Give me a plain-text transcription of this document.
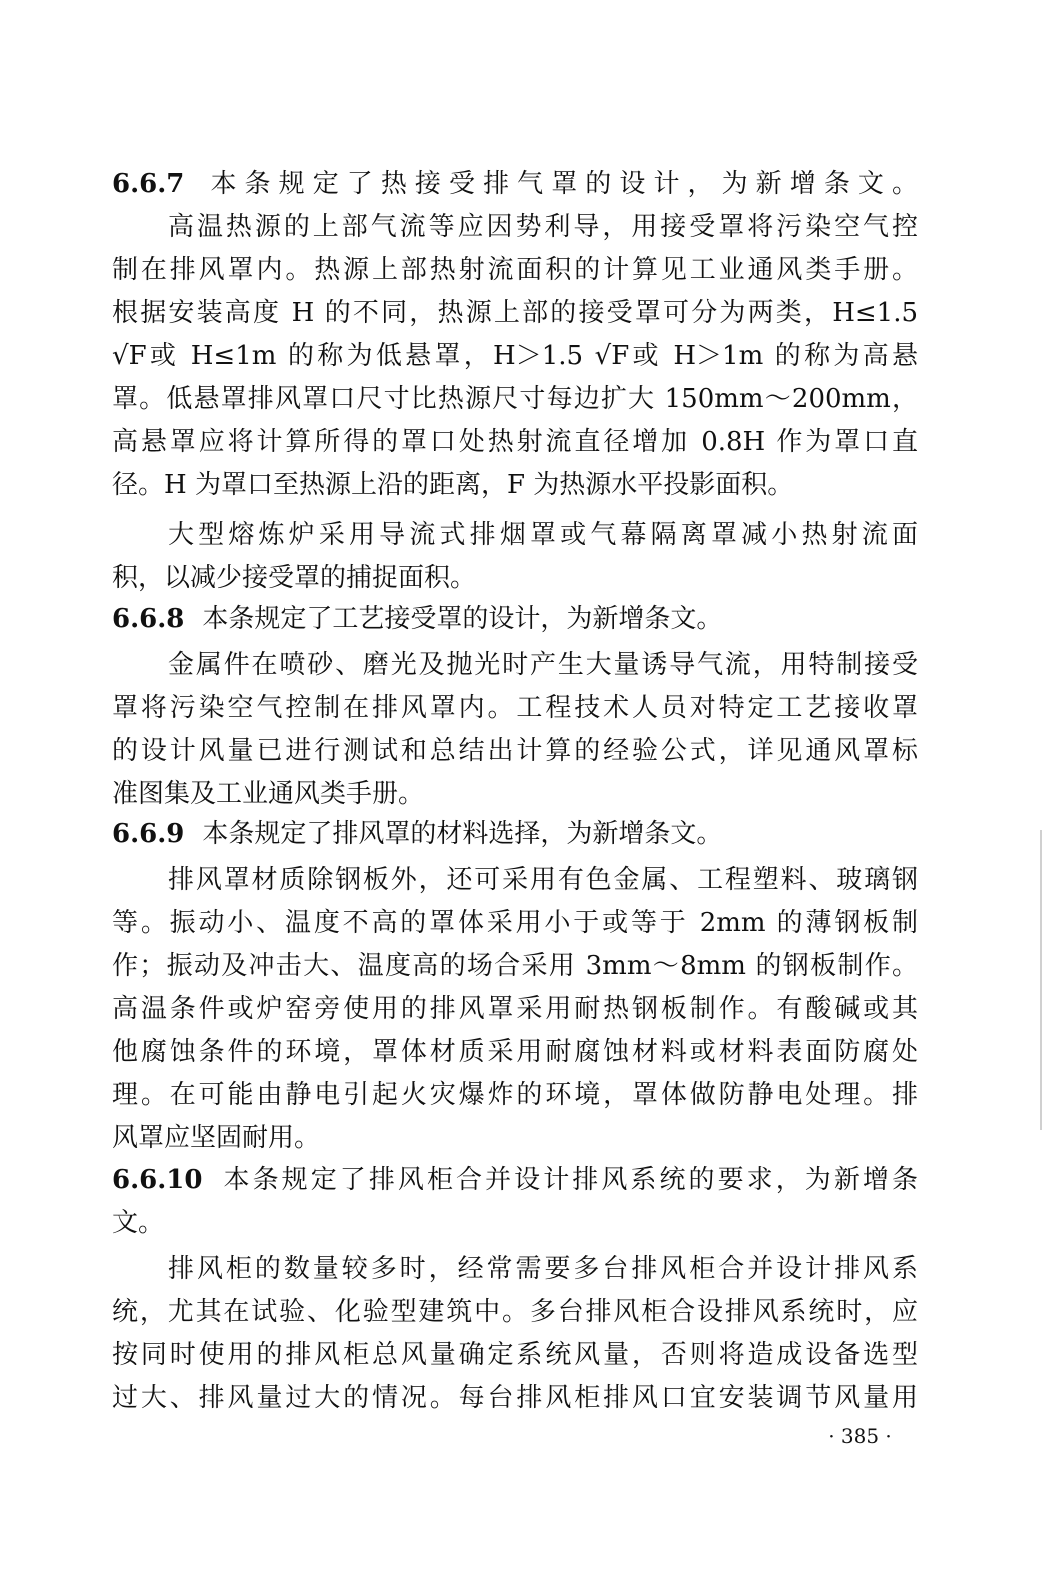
6.6.7 本条规定了热接受排气罩的设计，为新增条文。
高温热源的上部气流等应因势利导，用接受罩将污染空气控
制在排风罩内。热源上部热射流面积的计算见工业通风类手册。
根据安装高度 H 的不同，热源上部的接受罩可分为两类，H≤1.5
√F或 H≤1m 的称为低悬罩，H＞1.5 √F或 H＞1m 的称为高悬
罩。低悬罩排风罩口尺寸比热源尺寸每边扩大 150mm～200mm，
高悬罩应将计算所得的罩口处热射流直径增加 0.8H 作为罩口直
径。H 为罩口至热源上沿的距离，F 为热源水平投影面积。
大型熔炼炉采用导流式排烟罩或气幕隔离罩减小热射流面
积，以减少接受罩的捕捉面积。
6.6.8 本条规定了工艺接受罩的设计，为新增条文。
金属件在喷砂、磨光及抛光时产生大量诱导气流，用特制接受
罩将污染空气控制在排风罩内。工程技术人员对特定工艺接收罩
的设计风量已进行测试和总结出计算的经验公式，详见通风罩标
准图集及工业通风类手册。
6.6.9 本条规定了排风罩的材料选择，为新增条文。
排风罩材质除钢板外，还可采用有色金属、工程塑料、玻璃钢
等。振动小、温度不高的罩体采用小于或等于 2mm 的薄钢板制
作；振动及冲击大、温度高的场合采用 3mm～8mm 的钢板制作。
高温条件或炉窑旁使用的排风罩采用耐热钢板制作。有酸碱或其
他腐蚀条件的环境，罩体材质采用耐腐蚀材料或材料表面防腐处
理。在可能由静电引起火灾爆炸的环境，罩体做防静电处理。排
风罩应坚固耐用。
6.6.10 本条规定了排风柜合并设计排风系统的要求，为新增条
文。
排风柜的数量较多时，经常需要多台排风柜合并设计排风系
统，尤其在试验、化验型建筑中。多台排风柜合设排风系统时，应
按同时使用的排风柜总风量确定系统风量，否则将造成设备选型
过大、排风量过大的情况。每台排风柜排风口宜安装调节风量用
· 385 ·
